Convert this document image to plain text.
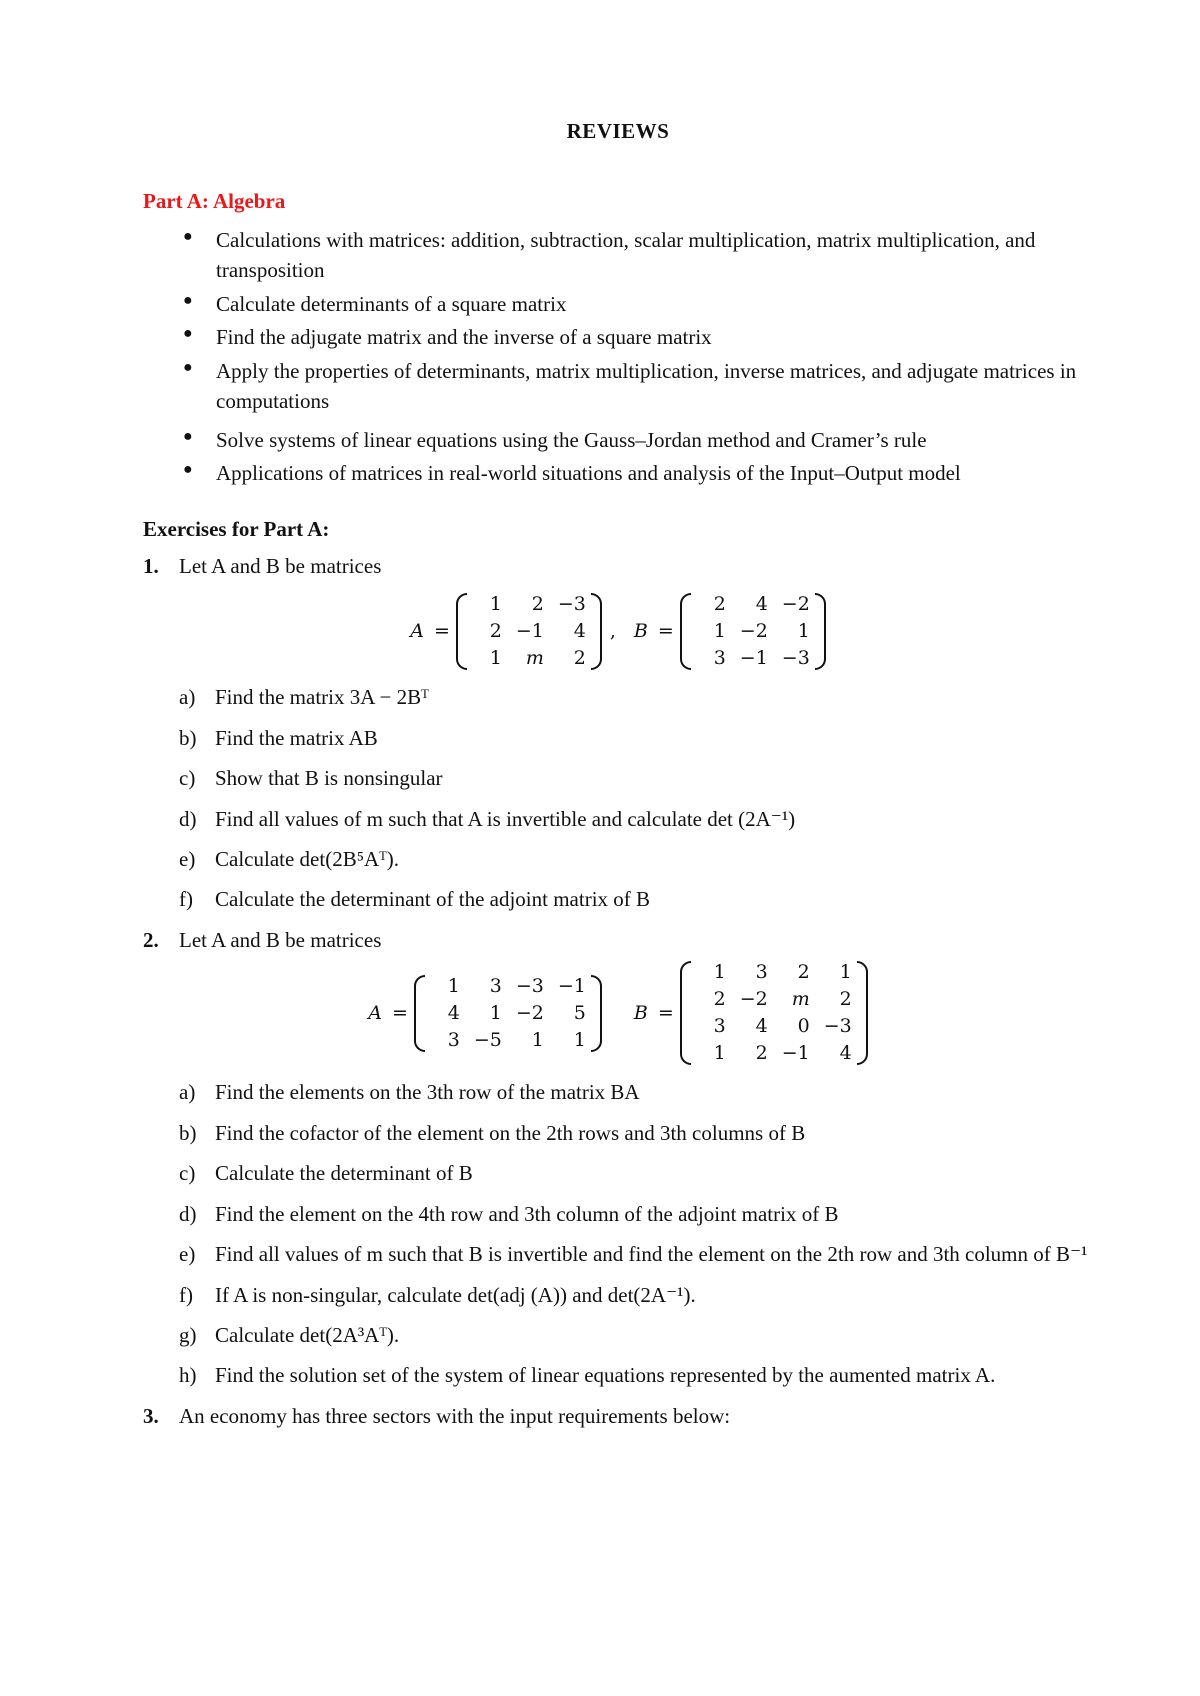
REVIEWS
Part A: Algebra
● Calculations with matrices: addition, subtraction, scalar multiplication, matrix multiplication, and transposition
● Calculate determinants of a square matrix
● Find the adjugate matrix and the inverse of a square matrix
● Apply the properties of determinants, matrix multiplication, inverse matrices, and adjugate matrices in computations
● Solve systems of linear equations using the Gauss–Jordan method and Cramer’s rule
● Applications of matrices in real-world situations and analysis of the Input–Output model
Exercises for Part A:
1. Let A and B be matrices
A =
1	2	−3
2	−1	4
1	m	2
, B =
2	4	−2
1	−2	1
3	−1	−3
a) Find the matrix 3A − 2Bᵀ
b) Find the matrix AB
c) Show that B is nonsingular
d) Find all values of m such that A is invertible and calculate det (2A⁻¹)
e) Calculate det(2B⁵Aᵀ).
f) Calculate the determinant of the adjoint matrix of B
2. Let A and B be matrices
A =
1	3	−3	−1
4	1	−2	5
3	−5	1	1
B =
1	3	2	1
2	−2	m	2
3	4	0	−3
1	2	−1	4
a) Find the elements on the 3th row of the matrix BA
b) Find the cofactor of the element on the 2th rows and 3th columns of B
c) Calculate the determinant of B
d) Find the element on the 4th row and 3th column of the adjoint matrix of B
e) Find all values of m such that B is invertible and find the element on the 2th row and 3th column of B⁻¹
f) If A is non-singular, calculate det(adj (A)) and det(2A⁻¹).
g) Calculate det(2A³Aᵀ).
h) Find the solution set of the system of linear equations represented by the aumented matrix A.
3. An economy has three sectors with the input requirements below:
